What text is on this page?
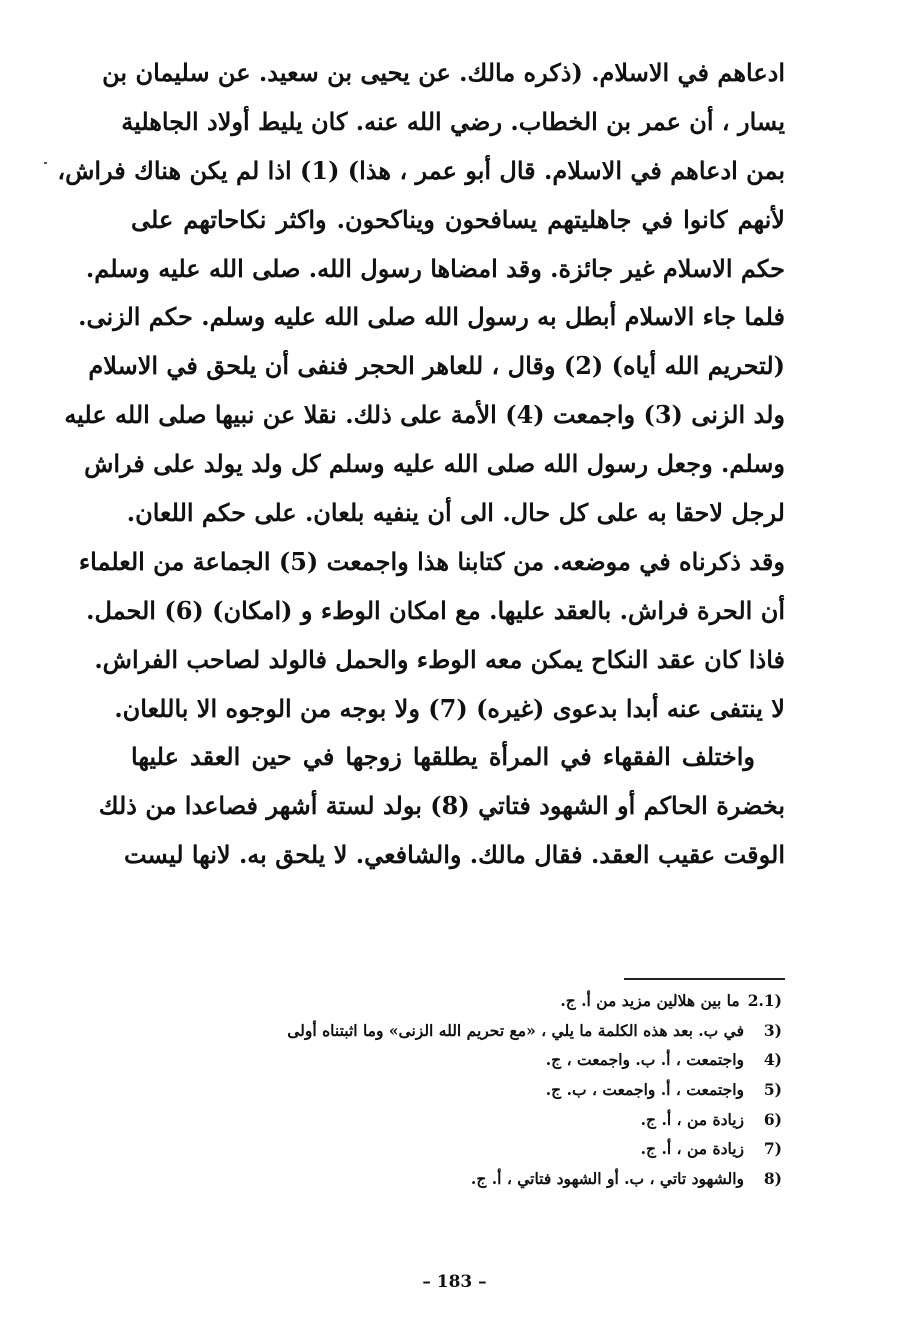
ادعاهم في الاسلام. (ذكره مالك. عن يحيى بن سعيد. عن سليمان بن
يسار ، أن عمر بن الخطاب. رضي الله عنه. كان يليط أولاد الجاهلية
بمن ادعاهم في الاسلام. قال أبو عمر ، هذا) (1) اذا لم يكن هناك فراش،
لأنهم كانوا في جاهليتهم يسافحون ويناكحون. واكثر نكاحاتهم على
حكم الاسلام غير جائزة. وقد امضاها رسول الله. صلى الله عليه وسلم.
فلما جاء الاسلام أبطل به رسول الله صلى الله عليه وسلم. حكم الزنى.
(لتحريم الله أياه) (2) وقال ، للعاهر الحجر فنفى أن يلحق في الاسلام
ولد الزنى (3) واجمعت (4) الأمة على ذلك. نقلا عن نبيها صلى الله عليه
وسلم. وجعل رسول الله صلى الله عليه وسلم كل ولد يولد على فراش
لرجل لاحقا به على كل حال. الى أن ينفيه بلعان. على حكم اللعان.
وقد ذكرناه في موضعه. من كتابنا هذا واجمعت (5) الجماعة من العلماء
أن الحرة فراش. بالعقد عليها. مع امكان الوطء و (امكان) (6) الحمل.
فاذا كان عقد النكاح يمكن معه الوطء والحمل فالولد لصاحب الفراش.
لا ينتفى عنه أبدا بدعوى (غيره) (7) ولا بوجه من الوجوه الا باللعان.
واختلف الفقهاء في المرأة يطلقها زوجها في حين العقد عليها
بخضرة الحاكم أو الشهود فتاتي (8) بولد لستة أشهر فصاعدا من ذلك
الوقت عقيب العقد. فقال مالك. والشافعي. لا يلحق به. لانها ليست
2.1)
ما بين هلالين مزيد من أ. ج.
3)
في ب. بعد هذه الكلمة ما يلي ، «مع تحريم الله الزنى» وما اثبتناه أولى
4)
واجتمعت ، أ. ب. واجمعت ، ج.
5)
واجتمعت ، أ. واجمعت ، ب. ج.
6)
زيادة من ، أ. ج.
7)
زيادة من ، أ. ج.
8)
والشهود تاتي ، ب. أو الشهود فتاتي ، أ. ج.
– 183 –
